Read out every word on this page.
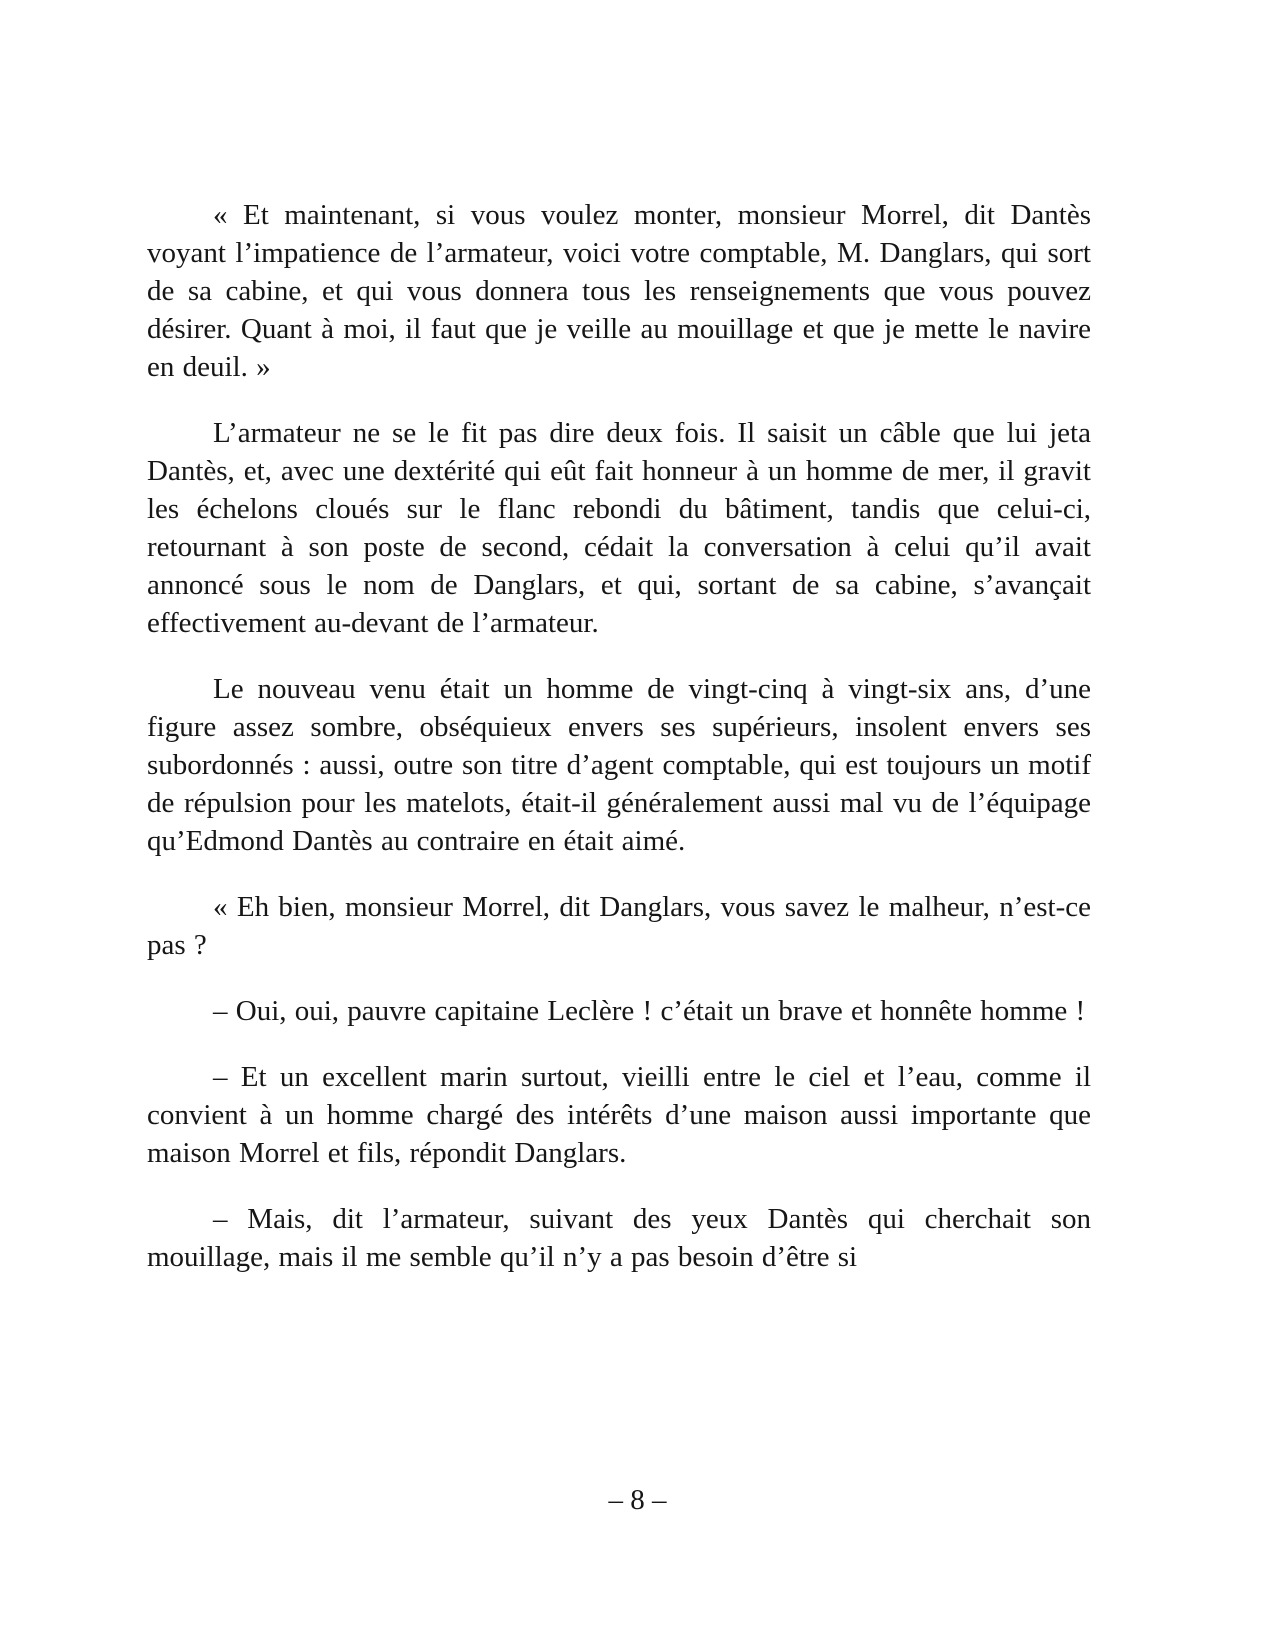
« Et maintenant, si vous voulez monter, monsieur Morrel, dit Dantès voyant l’impatience de l’armateur, voici votre comptable, M. Danglars, qui sort de sa cabine, et qui vous donnera tous les renseignements que vous pouvez désirer. Quant à moi, il faut que je veille au mouillage et que je mette le navire en deuil. »

L’armateur ne se le fit pas dire deux fois. Il saisit un câble que lui jeta Dantès, et, avec une dextérité qui eût fait honneur à un homme de mer, il gravit les échelons cloués sur le flanc rebondi du bâtiment, tandis que celui-ci, retournant à son poste de second, cédait la conversation à celui qu’il avait annoncé sous le nom de Danglars, et qui, sortant de sa cabine, s’avançait effectivement au-devant de l’armateur.

Le nouveau venu était un homme de vingt-cinq à vingt-six ans, d’une figure assez sombre, obséquieux envers ses supérieurs, insolent envers ses subordonnés : aussi, outre son titre d’agent comptable, qui est toujours un motif de répulsion pour les matelots, était-il généralement aussi mal vu de l’équipage qu’Edmond Dantès au contraire en était aimé.

« Eh bien, monsieur Morrel, dit Danglars, vous savez le malheur, n’est-ce pas ?

– Oui, oui, pauvre capitaine Leclère ! c’était un brave et honnête homme !

– Et un excellent marin surtout, vieilli entre le ciel et l’eau, comme il convient à un homme chargé des intérêts d’une maison aussi importante que maison Morrel et fils, répondit Danglars.

– Mais, dit l’armateur, suivant des yeux Dantès qui cherchait son mouillage, mais il me semble qu’il n’y a pas besoin d’être si

– 8 –
